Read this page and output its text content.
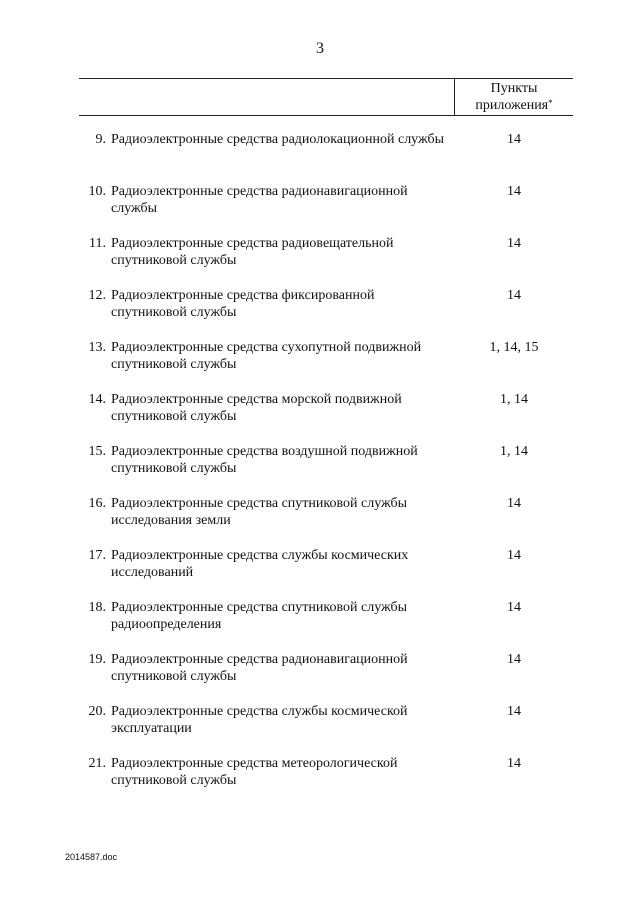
3
Пункты приложения*
9. Радиоэлектронные средства радиолокационной службы	14
10. Радиоэлектронные средства радионавигационной службы
14
11. Радиоэлектронные средства радиовещательной спутниковой службы
14
12. Радиоэлектронные средства фиксированной спутниковой службы
14
13. Радиоэлектронные средства сухопутной подвижной спутниковой службы
1, 14, 15
14. Радиоэлектронные средства морской подвижной спутниковой службы
1, 14
15. Радиоэлектронные средства воздушной подвижной спутниковой службы
1, 14
16. Радиоэлектронные средства спутниковой службы исследования земли
14
17. Радиоэлектронные средства службы космических исследований
14
18. Радиоэлектронные средства спутниковой службы радиоопределения
14
19. Радиоэлектронные средства радионавигационной спутниковой службы
14
20. Радиоэлектронные средства службы космической эксплуатации
14
21. Радиоэлектронные средства метеорологической спутниковой службы
14
2014587.doc
